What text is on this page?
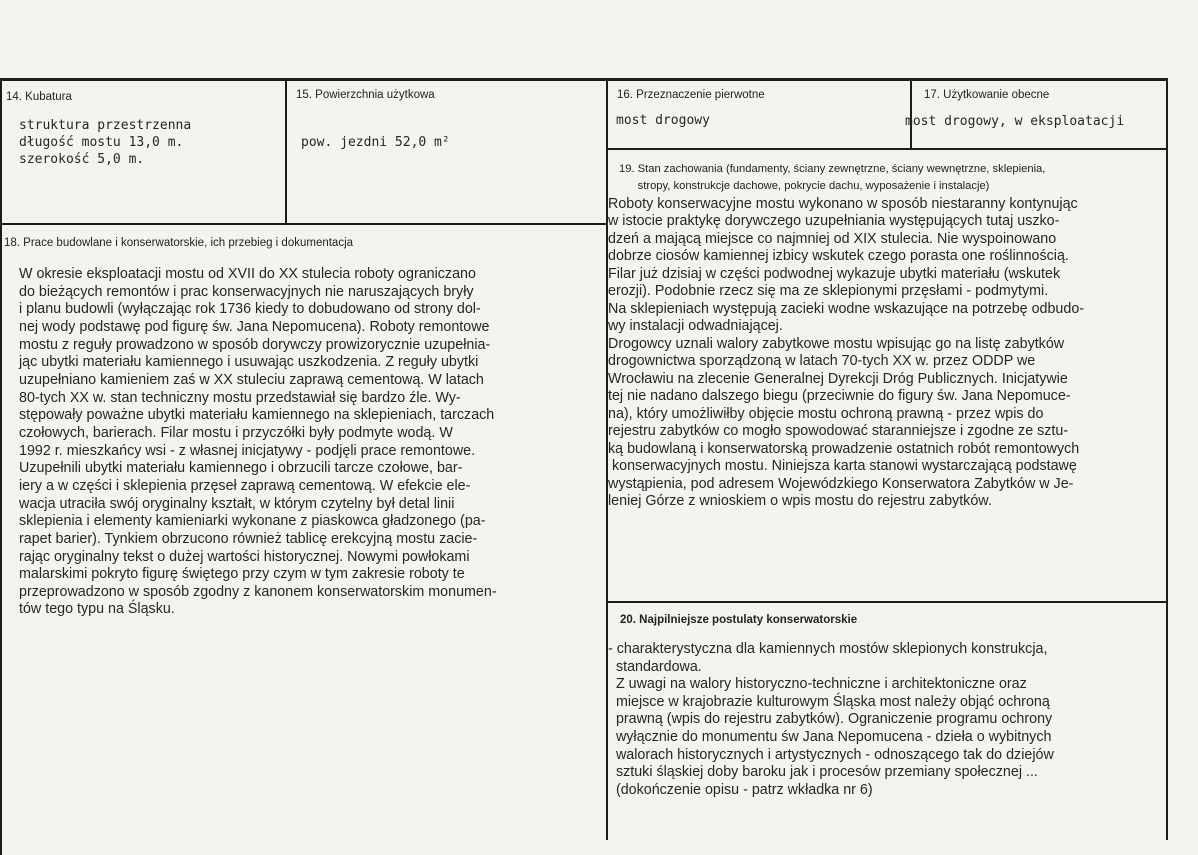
14. Kubatura
struktura przestrzenna
długość mostu 13,0 m.
szerokość 5,0 m.
15. Powierzchnia użytkowa
pow. jezdni 52,0 m²
16. Przeznaczenie pierwotne
most drogowy
17. Użytkowanie obecne
most drogowy, w eksploatacji
18. Prace budowlane i konserwatorskie, ich przebieg i dokumentacja
W okresie eksploatacji mostu od XVII do XX stulecia roboty ograniczano
do bieżących remontów i prac konserwacyjnych nie naruszających bryły
i planu budowli (wyłączając rok 1736 kiedy to dobudowano od strony dol-
nej wody podstawę pod figurę św. Jana Nepomucena). Roboty remontowe
mostu z reguły prowadzono w sposób dorywczy prowizorycznie uzupełnia-
jąc ubytki materiału kamiennego i usuwając uszkodzenia. Z reguły ubytki
uzupełniano kamieniem zaś w XX stuleciu zaprawą cementową. W latach
80-tych XX w. stan techniczny mostu przedstawiał się bardzo źle. Wy-
stępowały poważne ubytki materiału kamiennego na sklepieniach, tarczach
czołowych, barierach. Filar mostu i przyczółki były podmyte wodą. W
1992 r. mieszkańcy wsi - z własnej inicjatywy - podjęli prace remontowe.
Uzupełnili ubytki materiału kamiennego i obrzucili tarcze czołowe, bar-
iery a w części i sklepienia przęseł zaprawą cementową. W efekcie ele-
wacja utraciła swój oryginalny kształt, w którym czytelny był detal linii
sklepienia i elementy kamieniarki wykonane z piaskowca gładzonego (pa-
rapet barier). Tynkiem obrzucono również tablicę erekcyjną mostu zacie-
rając oryginalny tekst o dużej wartości historycznej. Nowymi powłokami
malarskimi pokryto figurę świętego przy czym w tym zakresie roboty te
przeprowadzono w sposób zgodny z kanonem konserwatorskim monumen-
tów tego typu na Śląsku.
19. Stan zachowania (fundamenty, ściany zewnętrzne, ściany wewnętrzne, sklepienia,
stropy, konstrukcje dachowe, pokrycie dachu, wyposażenie i instalacje)
Roboty konserwacyjne mostu wykonano w sposób niestaranny kontynując
w istocie praktykę dorywczego uzupełniania występujących tutaj uszko-
dzeń a mającą miejsce co najmniej od XIX stulecia. Nie wyspoinowano
dobrze ciosów kamiennej izbicy wskutek czego porasta one roślinnością.
Filar już dzisiaj w części podwodnej wykazuje ubytki materiału (wskutek
erozji). Podobnie rzecz się ma ze sklepionymi przęsłami - podmytymi.
Na sklepieniach występują zacieki wodne wskazujące na potrzebę odbudo-
wy instalacji odwadniającej.
Drogowcy uznali walory zabytkowe mostu wpisując go na listę zabytków
drogownictwa sporządzoną w latach 70-tych XX w. przez ODDP we
Wrocławiu na zlecenie Generalnej Dyrekcji Dróg Publicznych. Inicjatywie
tej nie nadano dalszego biegu (przeciwnie do figury św. Jana Nepomuce-
na), który umożliwiłby objęcie mostu ochroną prawną - przez wpis do
rejestru zabytków co mogło spowodować staranniejsze i zgodne ze sztu-
ką budowlaną i konserwatorską prowadzenie ostatnich robót remontowych
konserwacyjnych mostu. Niniejsza karta stanowi wystarczającą podstawę
wystąpienia, pod adresem Wojewódzkiego Konserwatora Zabytków w Je-
leniej Górze z wnioskiem o wpis mostu do rejestru zabytków.
20. Najpilniejsze postulaty konserwatorskie
- charakterystyczna dla kamiennych mostów sklepionych konstrukcja,
standardowa.
Z uwagi na walory historyczno-techniczne i architektoniczne oraz
miejsce w krajobrazie kulturowym Śląska most należy objąć ochroną
prawną (wpis do rejestru zabytków). Ograniczenie programu ochrony
wyłącznie do monumentu św Jana Nepomucena - dzieła o wybitnych
walorach historycznych i artystycznych - odnoszącego tak do dziejów
sztuki śląskiej doby baroku jak i procesów przemiany społecznej ...
(dokończenie opisu - patrz wkładka nr 6)
